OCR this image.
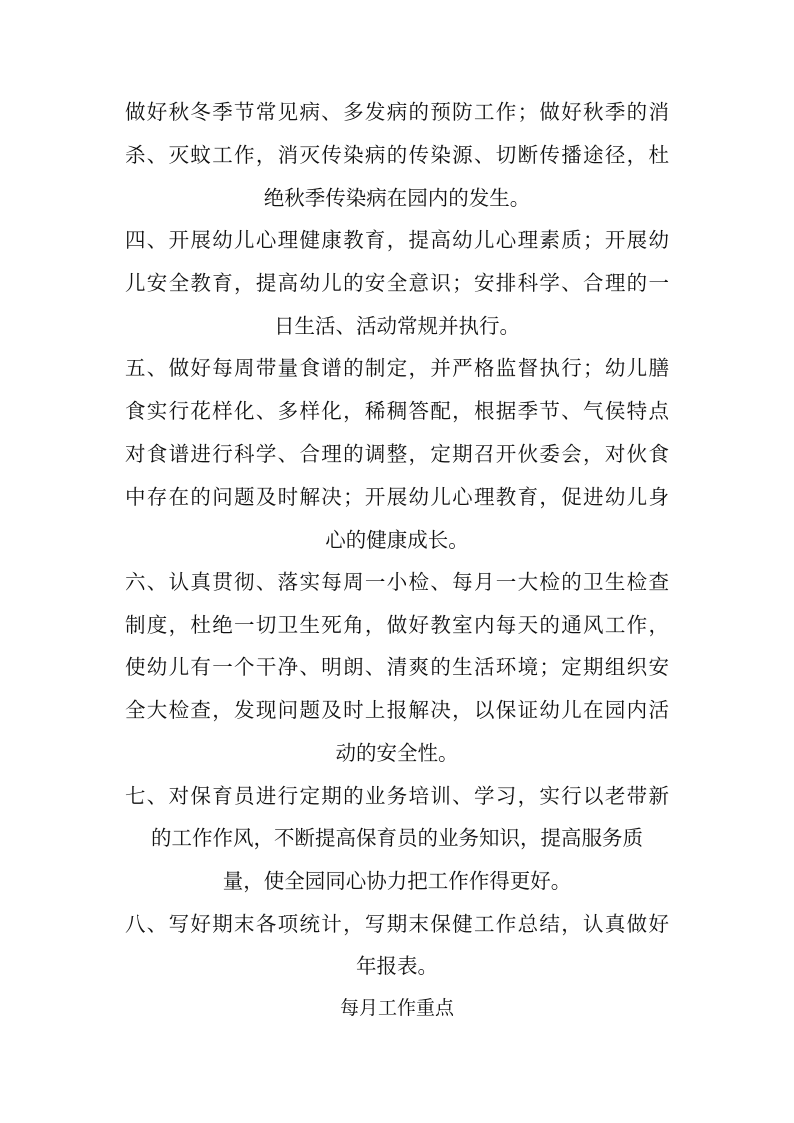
做好秋冬季节常见病、多发病的预防工作；做好秋季的消
杀、灭蚊工作，消灭传染病的传染源、切断传播途径，杜
绝秋季传染病在园内的发生。
四、开展幼儿心理健康教育，提高幼儿心理素质；开展幼
儿安全教育，提高幼儿的安全意识；安排科学、合理的一
日生活、活动常规并执行。
五、做好每周带量食谱的制定，并严格监督执行；幼儿膳
食实行花样化、多样化，稀稠答配，根据季节、气侯特点
对食谱进行科学、合理的调整，定期召开伙委会，对伙食
中存在的问题及时解决；开展幼儿心理教育，促进幼儿身
心的健康成长。
六、认真贯彻、落实每周一小检、每月一大检的卫生检查
制度，杜绝一切卫生死角，做好教室内每天的通风工作，
使幼儿有一个干净、明朗、清爽的生活环境；定期组织安
全大检查，发现问题及时上报解决，以保证幼儿在园内活
动的安全性。
七、对保育员进行定期的业务培训、学习，实行以老带新
的工作作风，不断提高保育员的业务知识，提高服务质
量，使全园同心协力把工作作得更好。
八、写好期末各项统计，写期末保健工作总结，认真做好
年报表。
每月工作重点
